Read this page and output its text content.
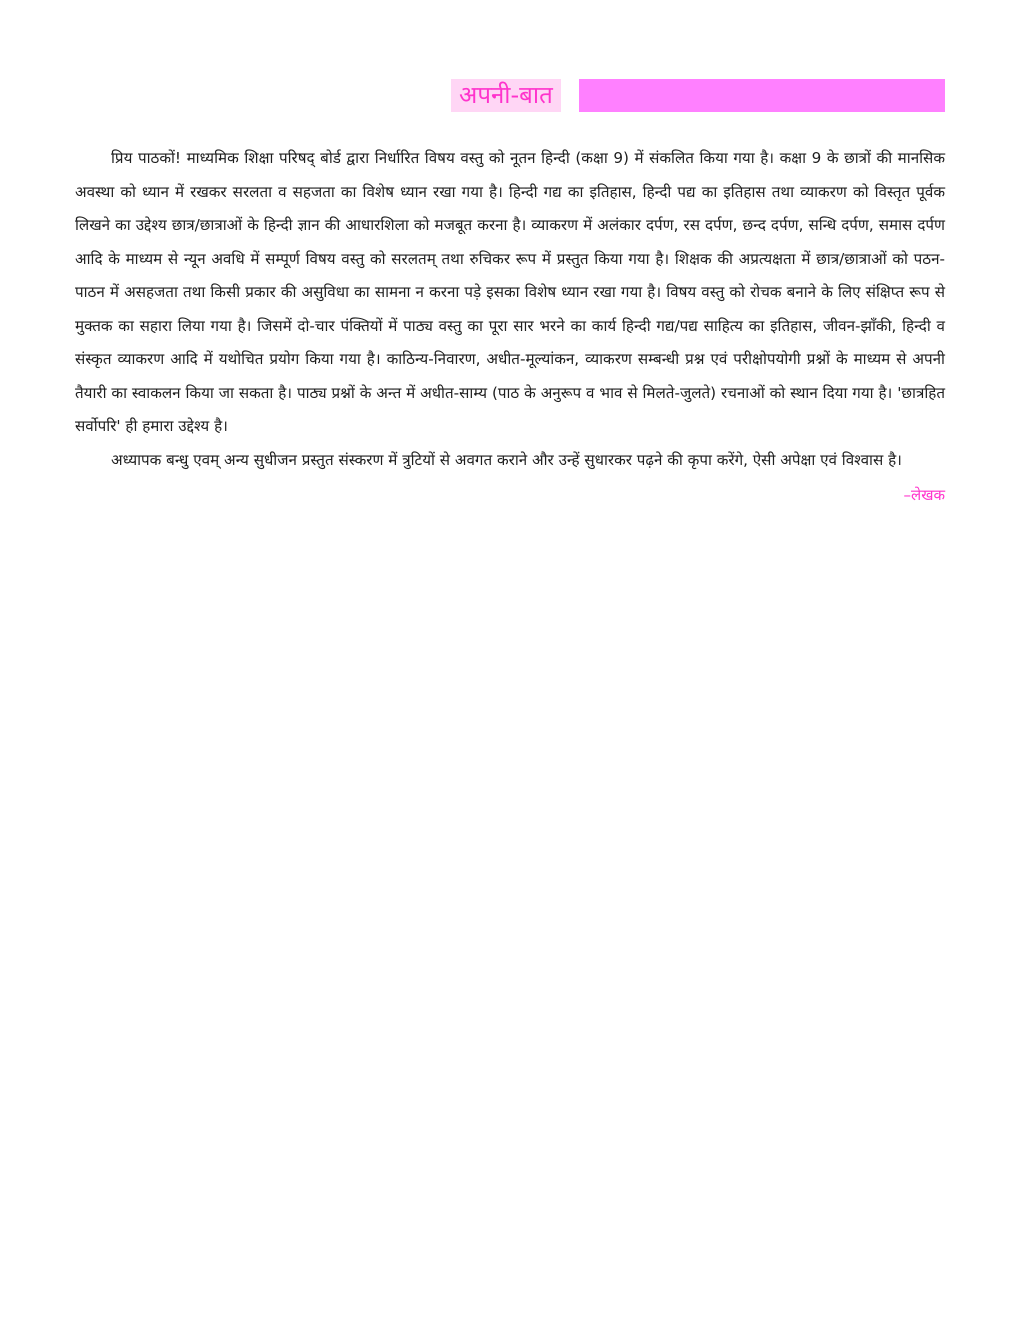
अपनी-बात

प्रिय पाठकों! माध्यमिक शिक्षा परिषद् बोर्ड द्वारा निर्धारित विषय वस्तु को नूतन हिन्दी (कक्षा 9) में संकलित किया गया है। कक्षा 9 के छात्रों की मानसिक अवस्था को ध्यान में रखकर सरलता व सहजता का विशेष ध्यान रखा गया है। हिन्दी गद्य का इतिहास, हिन्दी पद्य का इतिहास तथा व्याकरण को विस्तृत पूर्वक लिखने का उद्देश्य छात्र/छात्राओं के हिन्दी ज्ञान की आधारशिला को मजबूत करना है। व्याकरण में अलंकार दर्पण, रस दर्पण, छन्द दर्पण, सन्धि दर्पण, समास दर्पण आदि के माध्यम से न्यून अवधि में सम्पूर्ण विषय वस्तु को सरलतम् तथा रुचिकर रूप में प्रस्तुत किया गया है। शिक्षक की अप्रत्यक्षता में छात्र/छात्राओं को पठन-पाठन में असहजता तथा किसी प्रकार की असुविधा का सामना न करना पड़े इसका विशेष ध्यान रखा गया है। विषय वस्तु को रोचक बनाने के लिए संक्षिप्त रूप से मुक्तक का सहारा लिया गया है। जिसमें दो-चार पंक्तियों में पाठ्य वस्तु का पूरा सार भरने का कार्य हिन्दी गद्य/पद्य साहित्य का इतिहास, जीवन-झाँकी, हिन्दी व संस्कृत व्याकरण आदि में यथोचित प्रयोग किया गया है। काठिन्य-निवारण, अधीत-मूल्यांकन, व्याकरण सम्बन्धी प्रश्न एवं परीक्षोपयोगी प्रश्नों के माध्यम से अपनी तैयारी का स्वाकलन किया जा सकता है। पाठ्य प्रश्नों के अन्त में अधीत-साम्य (पाठ के अनुरूप व भाव से मिलते-जुलते) रचनाओं को स्थान दिया गया है। 'छात्रहित सर्वोपरि' ही हमारा उद्देश्य है।

अध्यापक बन्धु एवम् अन्य सुधीजन प्रस्तुत संस्करण में त्रुटियों से अवगत कराने और उन्हें सुधारकर पढ़ने की कृपा करेंगे, ऐसी अपेक्षा एवं विश्वास है।

–लेखक
